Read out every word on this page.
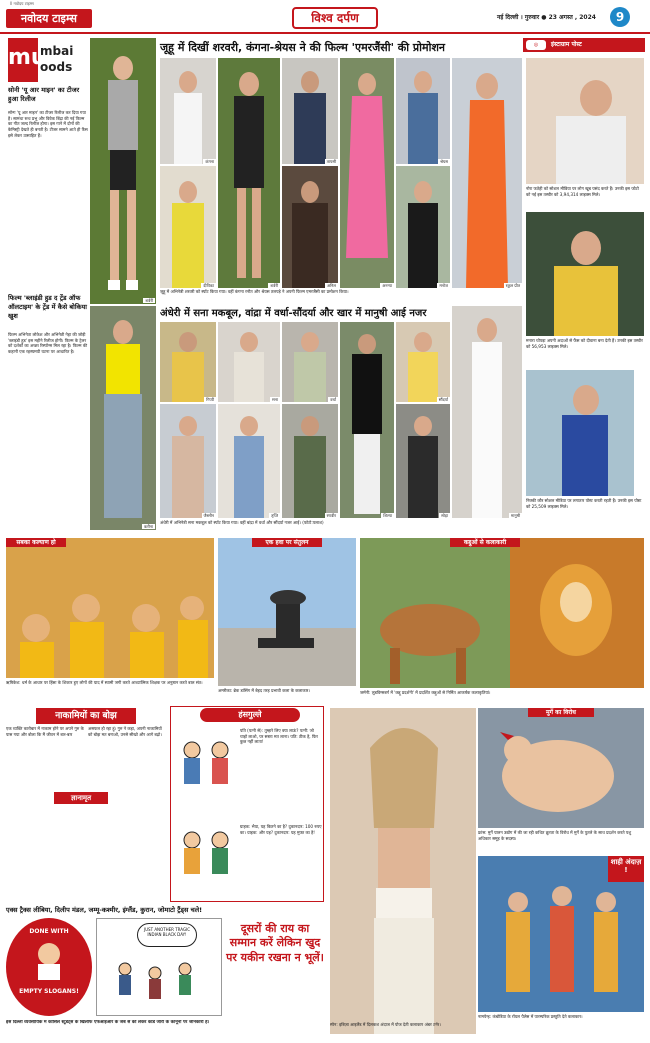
ll नवोदय टाइम्स
नवोदय टाइम्स	विश्व दर्पण	नई दिल्ली । गुरुवार ● 23 अगस्त , 2024	9
mu
mbai
oods
सोनी 'यू आर माइन' का टीजर हुआ रिलीज
सॉन्ग 'यू आर माइन' का टीजर रिलीज कर दिया गया है। सामंथा रूथ प्रभु और विवेक बिंद्रा की नई फिल्म का गीत जल्द रिलीज होगा। इस गाने में दोनों की केमिस्ट्री देखते ही बनती है। टीजर सामने आते ही फैंस इसे लेकर उत्साहित हैं।
फिल्म 'ब्लाइंडी हुड द ट्रेंड ऑफ ऑलटाइम' के ट्रेंड में कैसे बोकिया खुश
फिल्म अभिनेता लोकेश और अभिनेत्री नेहा की जोड़ी 'ब्लाइंडी हुड' इस महीने रिलीज होगी। फिल्म के ट्रेलर को दर्शकों का अच्छा रिस्पॉन्स मिल रहा है। फिल्म की कहानी एक रहस्यमयी घटना पर आधारित है।
शर्वरी
करीना
जूहू में दिखीं शरवरी, कंगना-श्रेयस ने की फिल्म 'एमरजैंसी' की प्रोमोशन
कंगना
शर्वरी
तापसी
अनन्या
श्रेयस
दीपिका	अनिल	मनोज	रकुल प्रीत
जूहू में अभिनेत्री शरवरी को स्पॉट किया गया। वहीं कंगना रनौत और श्रेयस तलपड़े ने अपनी फिल्म एमरजैंसी का प्रमोशन किया।
अंधेरी में सना मकबूल, वांद्रा में वर्धा-सौंदर्या और खार में मानुषी आई नजर
गिप्पी	सना	वर्धा
शिल्पा
सौंदर्या
जैस्लीन	तृप्ति	रणवीर	सोहा	मानुषी
अंधेरी में अभिनेत्री सना मकबूल को स्पॉट किया गया। वहीं बांद्रा में वर्धा और सौंदर्या नजर आईं। (फोटो:पलाश)
इंस्टाग्राम पोस्ट
◎
नोरा फतेही को सोशल मीडिया पर लोग खूब पसंद करते हैं। उनकी इस फोटो को नई इस तस्वीर को 3,94,314 लाइक्स मिले।
मनारा चोपड़ा अपनी अदाओं से फैंस को दीवाना बना देती हैं। उनकी इस तस्वीर को 56,953 लाइक्स मिले।
निक्की कौर सोशल मीडिया पर लगातार पोस्ट करती रहती हैं। उनकी इस पोस्ट को 25,509 लाइक्स मिले।
सबका कल्याण हो
ऋषिकेश: धर्म के आधार पर हिंसा के शिकार हुए लोगों की याद में स्वामी जगी करते आध्यात्मिक शिक्षक पर अनुष्ठान करते बाल संत।
एक हवा पर संतुलन
अमरीका: ब्रेक डांसिंग में बेहद तरह प्रभावी कला के कलाकार।
कद्दुओं से कलाकारी
जर्मनी: लुडविग्सबर्ग में 'कद्दू प्रदर्शनी' में प्रदर्शित कद्दुओं से निर्मित आकर्षक कलाकृतियां।
नाकामियों का बोझ
ज्ञानामृत
एक व्यक्ति कारोबार में नाकाम होने पर अपने गुरु के पास गया और बोला कि मैं जीवन में बार-बार असफल हो रहा हूं। गुरु ने कहा, अपनी नाकामियों को बोझ मत बनाओ, उनसे सीखो और आगे बढ़ो।
हंसगुल्ले
पति (पत्नी से): तुम्हारे लिए क्या लाऊं? पत्नी: जो चाहो लाओ, पर सस्ता मत लाना। पति: ठीक है, फिर कुछ नहीं लाता!
ग्राहक: भैया, यह कितने का है? दुकानदार: 100 रुपए का। ग्राहक: और यह? दुकानदार: यह मुफ्त का है!
एक्स ट्रैक्स लीबिया, दिलीप मंडल, जम्मू-कश्मीर, इंग्लैंड, कुरान, जोमाटो ट्रैंड्स चले!
DONE WITH
EMPTY SLOGANS!
JUST ANOTHER TRAGIC INDIAN BLACK DAY!	दूसरों की राय का सम्मान करें लेकिन खुद पर यकीन रखना न भूलें।
स्पेन: इबिज़ा आइलैंड में दिलकश अंदाज में पोज देती कलाकार अंबर टर्नर।
मुर्गे का विरोध
फ्रांस: मुर्गे पालन उद्योग में की जा रही कथित क्रूरता के विरोध में मुर्गे के पुतले के साथ प्रदर्शन करते पशु अधिकार समूह के सदस्य।
शाही अंदाज़ !
नामपेन्ह: कंबोडिया के रॉयल पैलेस में पारम्परिक प्रस्तुति देते कलाकार।
इस दिल्ली व्यवसायिक में कौंसिल स्टूडेंट्स के खिलाफ एफआईआर के जब से को लेकर कार्ड जारी के कानूनों पर जानकारी है।
